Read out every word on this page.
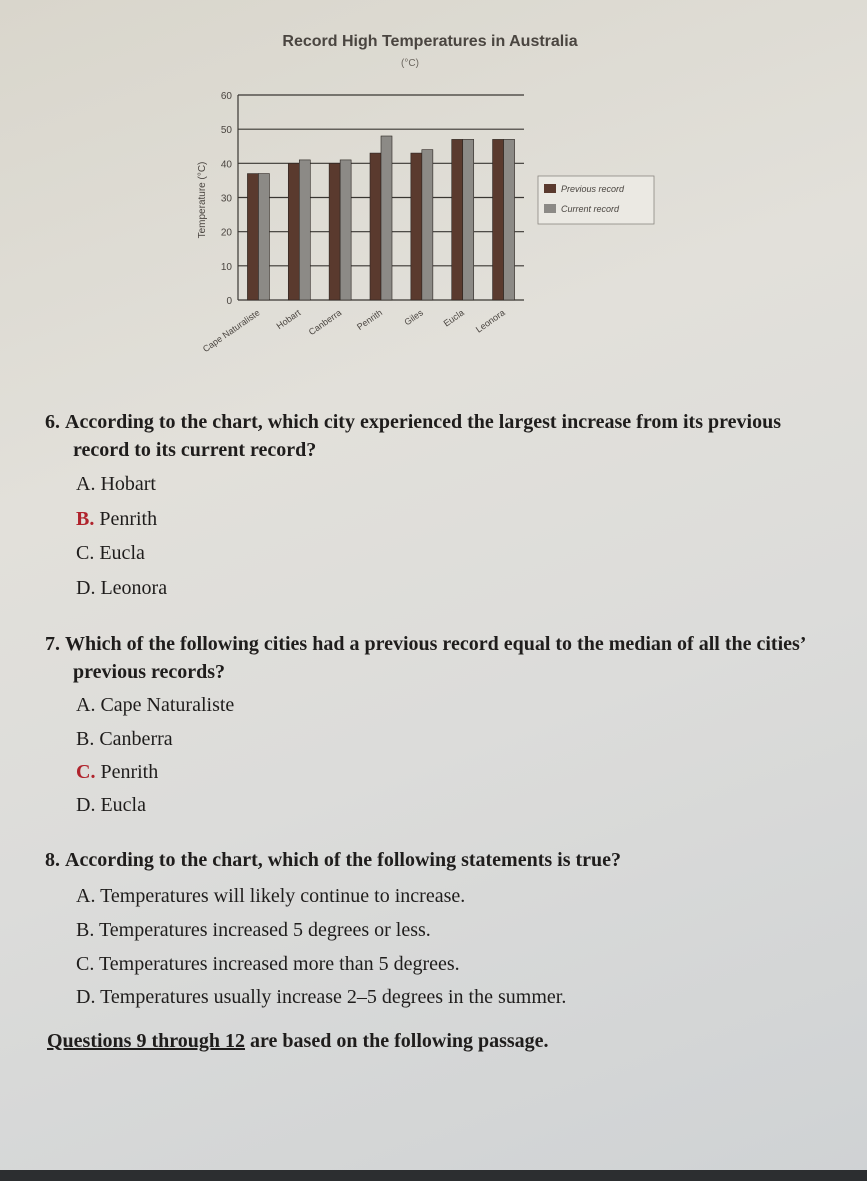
Record High Temperatures in Australia
(°C)
0
10
20
30
40
50
60
Temperature (°C)
Cape Naturaliste Hobart Canberra Penrith Giles Eucla Leonora
Previous record
Current record
6. According to the chart, which city experienced the largest increase from its previous record to its current record?
A. Hobart
B. Penrith
C. Eucla
D. Leonora
7. Which of the following cities had a previous record equal to the median of all the cities’ previous records?
A. Cape Naturaliste
B. Canberra
C. Penrith
D. Eucla
8. According to the chart, which of the following statements is true?
A. Temperatures will likely continue to increase.
B. Temperatures increased 5 degrees or less.
C. Temperatures increased more than 5 degrees.
D. Temperatures usually increase 2–5 degrees in the summer.
Questions 9 through 12 are based on the following passage.
